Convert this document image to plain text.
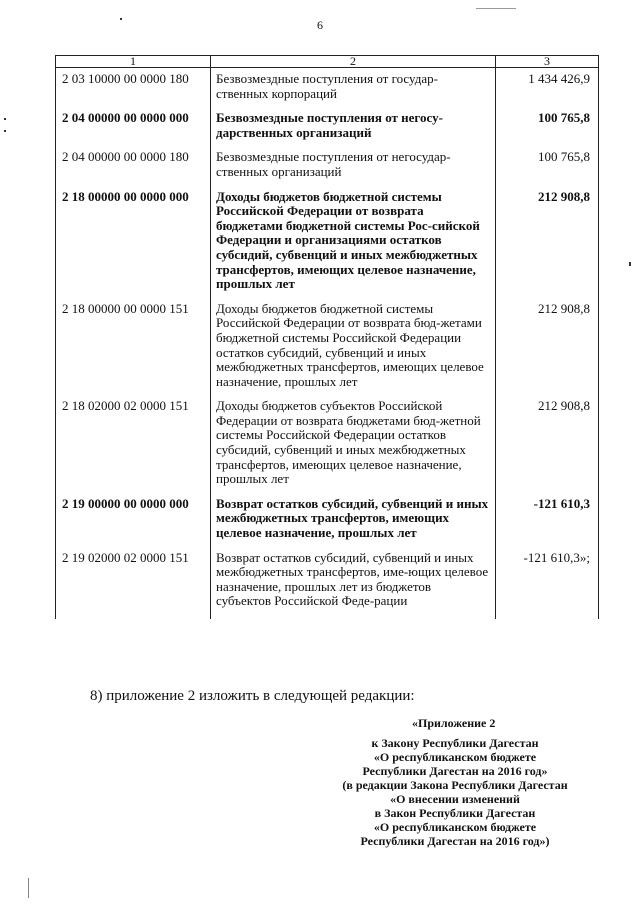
6
1	2	3
2 03 10000 00 0000 180	Безвозмездные поступления от государ-ственных корпораций	1 434 426,9
2 04 00000 00 0000 000	Безвозмездные поступления от негосу-дарственных организаций	100 765,8
2 04 00000 00 0000 180	Безвозмездные поступления от негосудар-ственных организаций	100 765,8
2 18 00000 00 0000 000	Доходы бюджетов бюджетной системы Российской Федерации от возврата бюджетами бюджетной системы Рос-сийской Федерации и организациями остатков субсидий, субвенций и иных межбюджетных трансфертов, имеющих целевое назначение, прошлых лет	212 908,8
2 18 00000 00 0000 151	Доходы бюджетов бюджетной системы Российской Федерации от возврата бюд-жетами бюджетной системы Российской Федерации остатков субсидий, субвенций и иных межбюджетных трансфертов, имеющих целевое назначение, прошлых лет	212 908,8
2 18 02000 02 0000 151	Доходы бюджетов субъектов Российской Федерации от возврата бюджетами бюд-жетной системы Российской Федерации остатков субсидий, субвенций и иных межбюджетных трансфертов, имеющих целевое назначение, прошлых лет	212 908,8
2 19 00000 00 0000 000	Возврат остатков субсидий, субвенций и иных межбюджетных трансфертов, имеющих целевое назначение, прошлых лет	-121 610,3
2 19 02000 02 0000 151	Возврат остатков субсидий, субвенций и иных межбюджетных трансфертов, име-ющих целевое назначение, прошлых лет из бюджетов субъектов Российской Феде-рации	-121 610,3»;
8) приложение 2 изложить в следующей редакции:
«Приложение 2
к Закону Республики Дагестан
«О республиканском бюджете
Республики Дагестан на 2016 год»
(в редакции Закона Республики Дагестан
«О внесении изменений
в Закон Республики Дагестан
«О республиканском бюджете
Республики Дагестан на 2016 год»)
